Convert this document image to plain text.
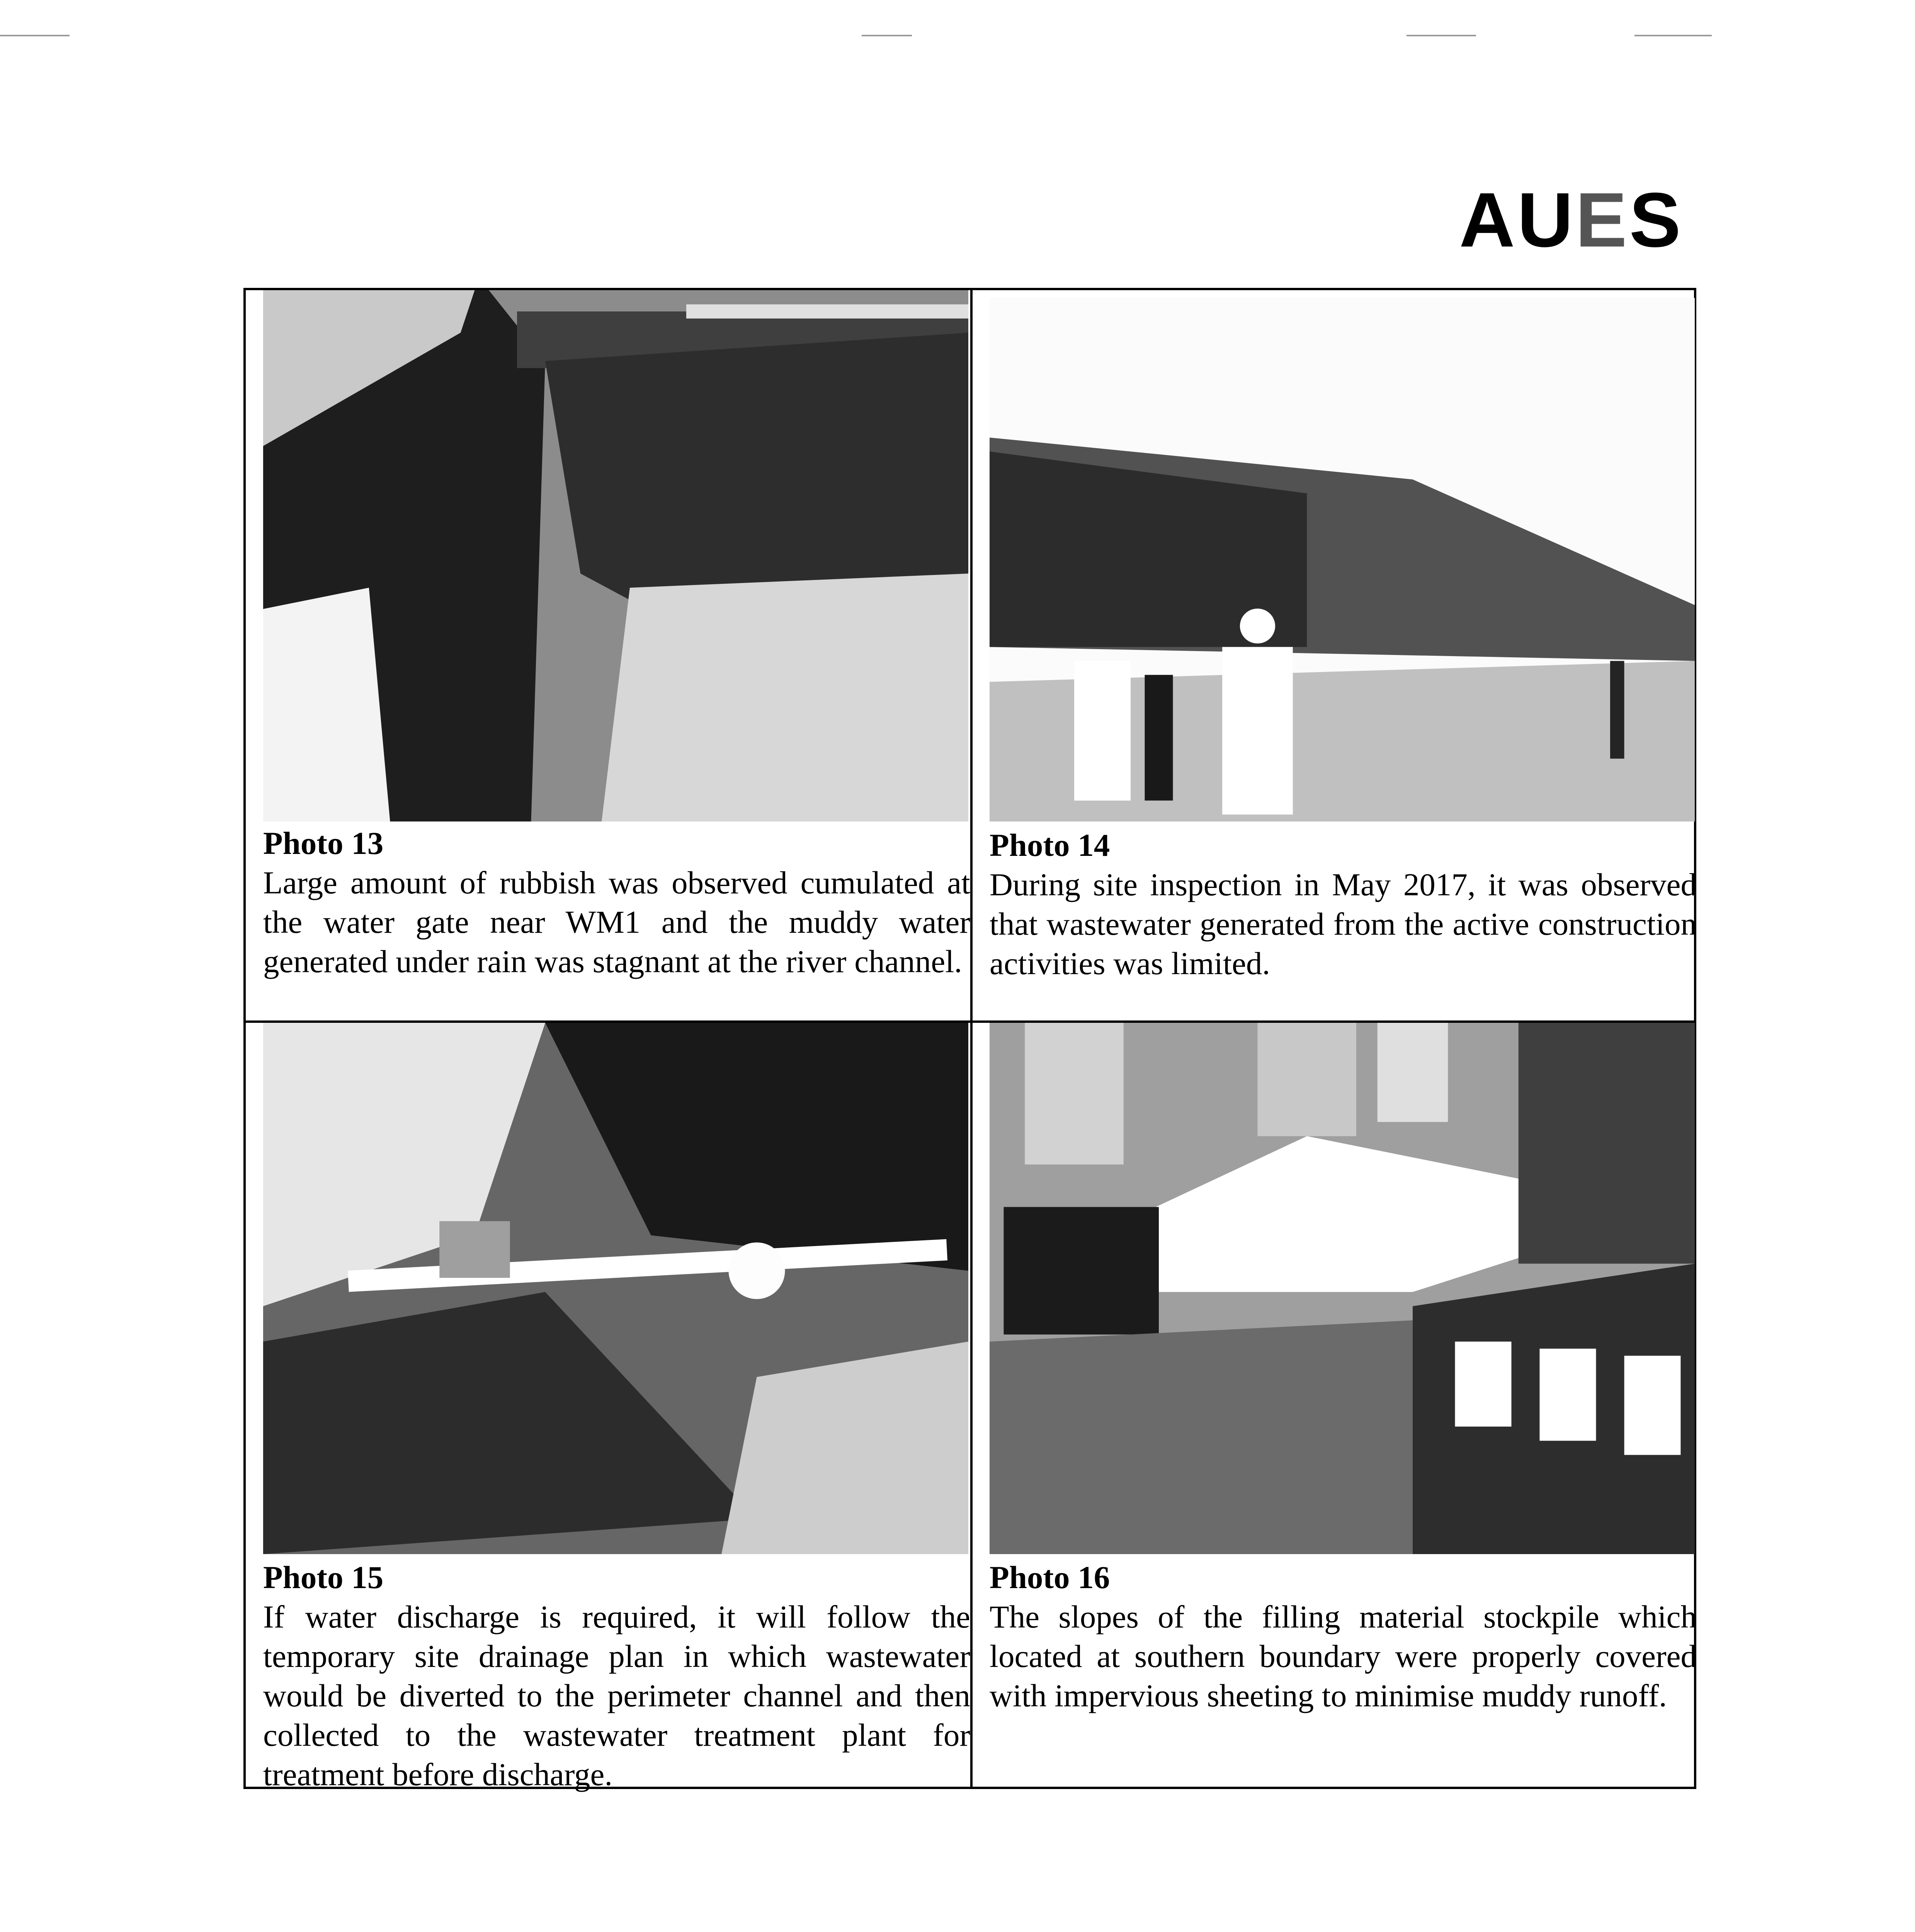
AUES
Photo 13
Large amount of rubbish was observed cumulated at the water gate near WM1 and the muddy water generated under rain was stagnant at the river channel.
Photo 14
During site inspection in May 2017, it was observed that wastewater generated from the active construction activities was limited.
Photo 15
If water discharge is required, it will follow the temporary site drainage plan in which wastewater would be diverted to the perimeter channel and then collected to the wastewater treatment plant for treatment before discharge.
Photo 16
The slopes of the filling material stockpile which located at southern boundary were properly covered with impervious sheeting to minimise muddy runoff.
